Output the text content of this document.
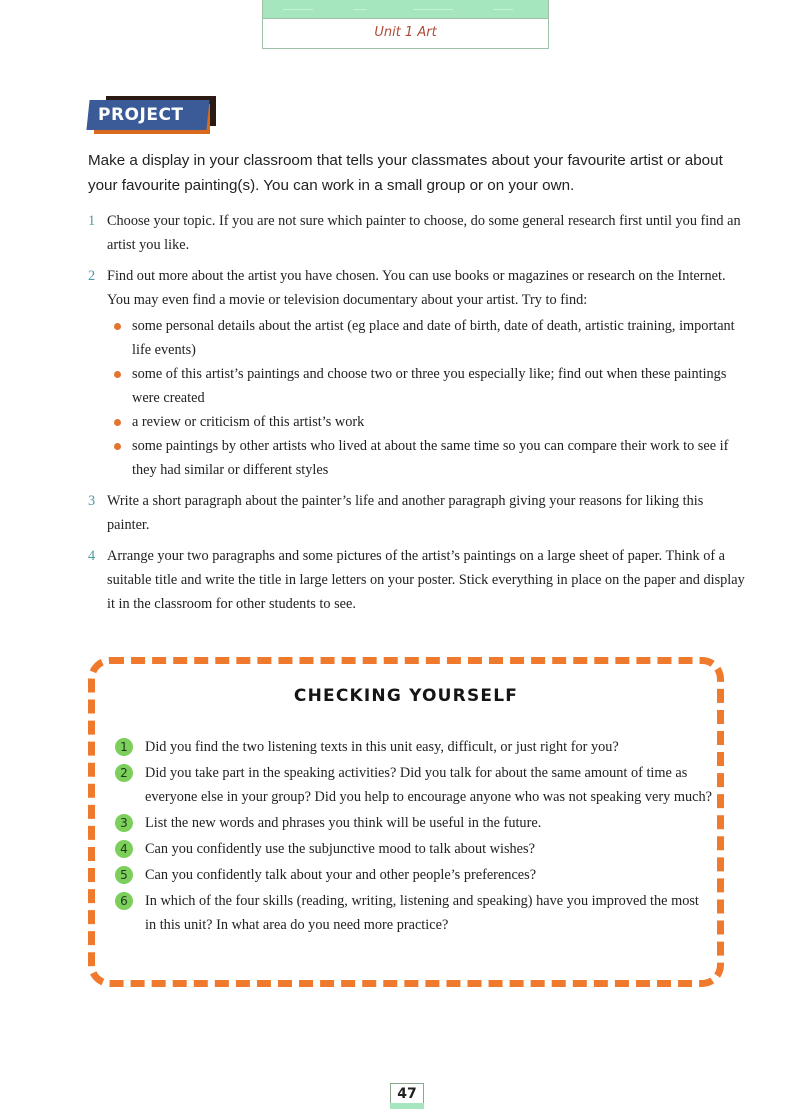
Unit 1 Art
PROJECT

Make a display in your classroom that tells your classmates about your favourite artist or about your favourite painting(s). You can work in a small group or on your own.

1 Choose your topic. If you are not sure which painter to choose, do some general research first until you find an artist you like.
2 Find out more about the artist you have chosen. You can use books or magazines or research on the Internet. You may even find a movie or television documentary about your artist. Try to find:
some personal details about the artist (eg place and date of birth, date of death, artistic training, important life events)
some of this artist’s paintings and choose two or three you especially like; find out when these paintings were created
a review or criticism of this artist’s work
some paintings by other artists who lived at about the same time so you can compare their work to see if they had similar or different styles
3 Write a short paragraph about the painter’s life and another paragraph giving your reasons for liking this painter.
4 Arrange your two paragraphs and some pictures of the artist’s paintings on a large sheet of paper. Think of a suitable title and write the title in large letters on your poster. Stick everything in place on the paper and display it in the classroom for other students to see.
CHECKING YOURSELF
1	Did you find the two listening texts in this unit easy, difficult, or just right for you?
2	Did you take part in the speaking activities? Did you talk for about the same amount of time as everyone else in your group? Did you help to encourage anyone who was not speaking very much?
3	List the new words and phrases you think will be useful in the future.
4	Can you confidently use the subjunctive mood to talk about wishes?
5	Can you confidently talk about your and other people’s preferences?
6	In which of the four skills (reading, writing, listening and speaking) have you improved the most in this unit? In what area do you need more practice?
47
